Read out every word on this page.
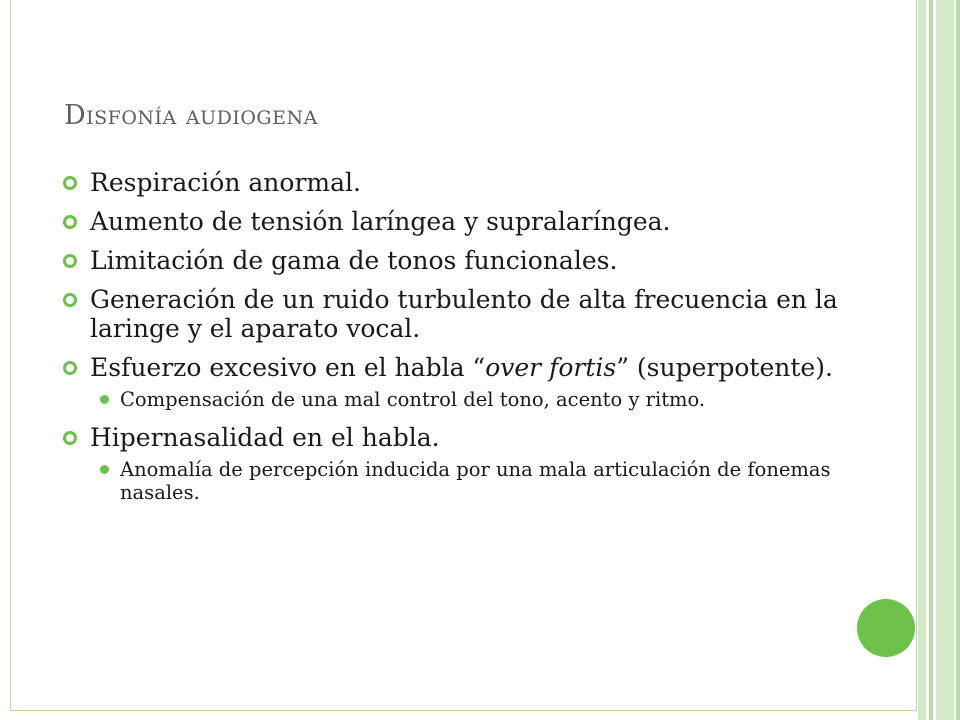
Disfonía audiogena
Respiración anormal.
Aumento de tensión laríngea y supralaríngea.
Limitación de gama de tonos funcionales.
Generación de un ruido turbulento de alta frecuencia en la laringe y el aparato vocal.
Esfuerzo excesivo en el habla “over fortis” (superpotente).
Compensación de una mal control del tono, acento y ritmo.
Hipernasalidad en el habla.
Anomalía de percepción inducida por una mala articulación de fonemas nasales.
